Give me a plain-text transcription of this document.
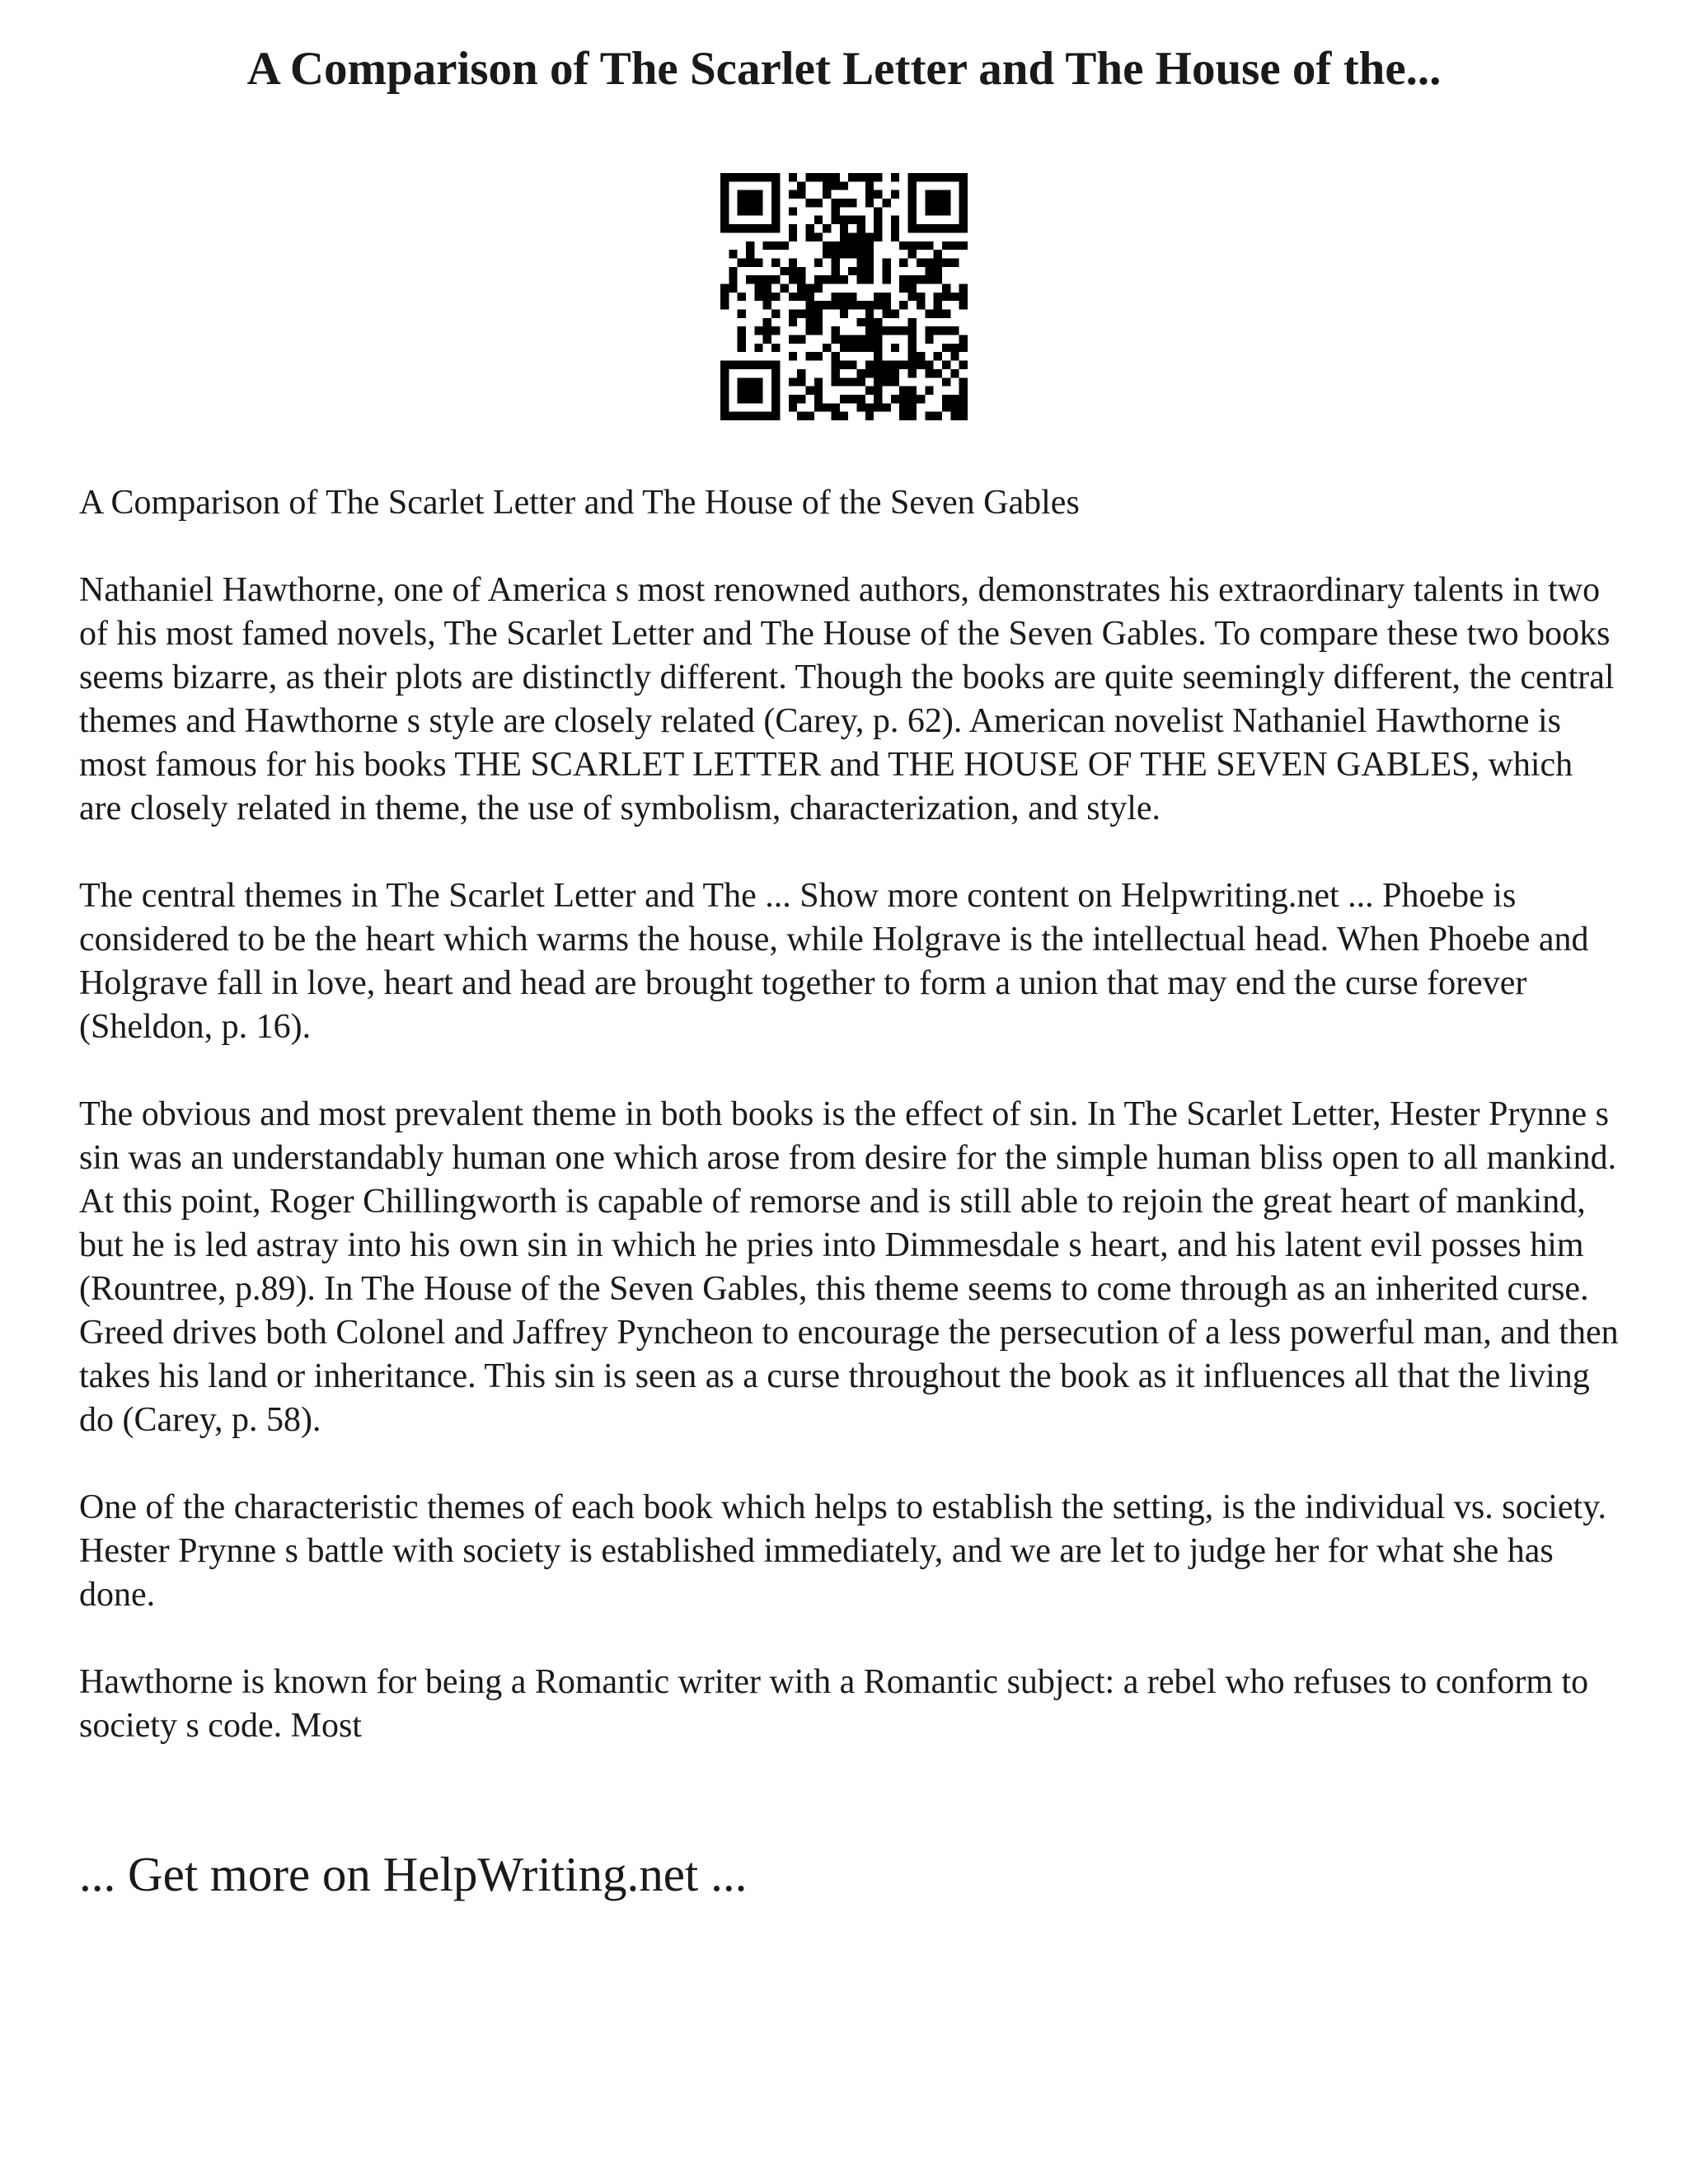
A Comparison of The Scarlet Letter and The House of the...

A Comparison of The Scarlet Letter and The House of the Seven Gables

Nathaniel Hawthorne, one of America s most renowned authors, demonstrates his extraordinary talents in two of his most famed novels, The Scarlet Letter and The House of the Seven Gables. To compare these two books seems bizarre, as their plots are distinctly different. Though the books are quite seemingly different, the central themes and Hawthorne s style are closely related (Carey, p. 62). American novelist Nathaniel Hawthorne is most famous for his books THE SCARLET LETTER and THE HOUSE OF THE SEVEN GABLES, which are closely related in theme, the use of symbolism, characterization, and style.

The central themes in The Scarlet Letter and The ... Show more content on Helpwriting.net ... Phoebe is considered to be the heart which warms the house, while Holgrave is the intellectual head. When Phoebe and Holgrave fall in love, heart and head are brought together to form a union that may end the curse forever (Sheldon, p. 16).

The obvious and most prevalent theme in both books is the effect of sin. In The Scarlet Letter, Hester Prynne s sin was an understandably human one which arose from desire for the simple human bliss open to all mankind. At this point, Roger Chillingworth is capable of remorse and is still able to rejoin the great heart of mankind, but he is led astray into his own sin in which he pries into Dimmesdale s heart, and his latent evil posses him (Rountree, p.89). In The House of the Seven Gables, this theme seems to come through as an inherited curse. Greed drives both Colonel and Jaffrey Pyncheon to encourage the persecution of a less powerful man, and then takes his land or inheritance. This sin is seen as a curse throughout the book as it influences all that the living do (Carey, p. 58).

One of the characteristic themes of each book which helps to establish the setting, is the individual vs. society. Hester Prynne s battle with society is established immediately, and we are let to judge her for what she has done.

Hawthorne is known for being a Romantic writer with a Romantic subject: a rebel who refuses to conform to society s code. Most

... Get more on HelpWriting.net ...
